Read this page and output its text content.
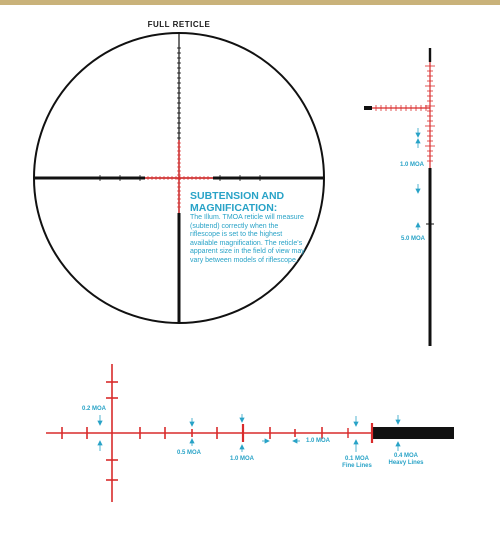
FULL RETICLE
SUBTENSION AND
MAGNIFICATION:
The Illum. TMOA reticle will measure (subtend) correctly when the riflescope is set to the highest available magnification. The reticle's apparent size in the field of view may vary between models of riflescope.
1.0 MOA
5.0 MOA
0.2 MOA
0.5 MOA
1.0 MOA
1.0 MOA
0.1 MOA
Fine Lines
0.4 MOA
Heavy Lines
